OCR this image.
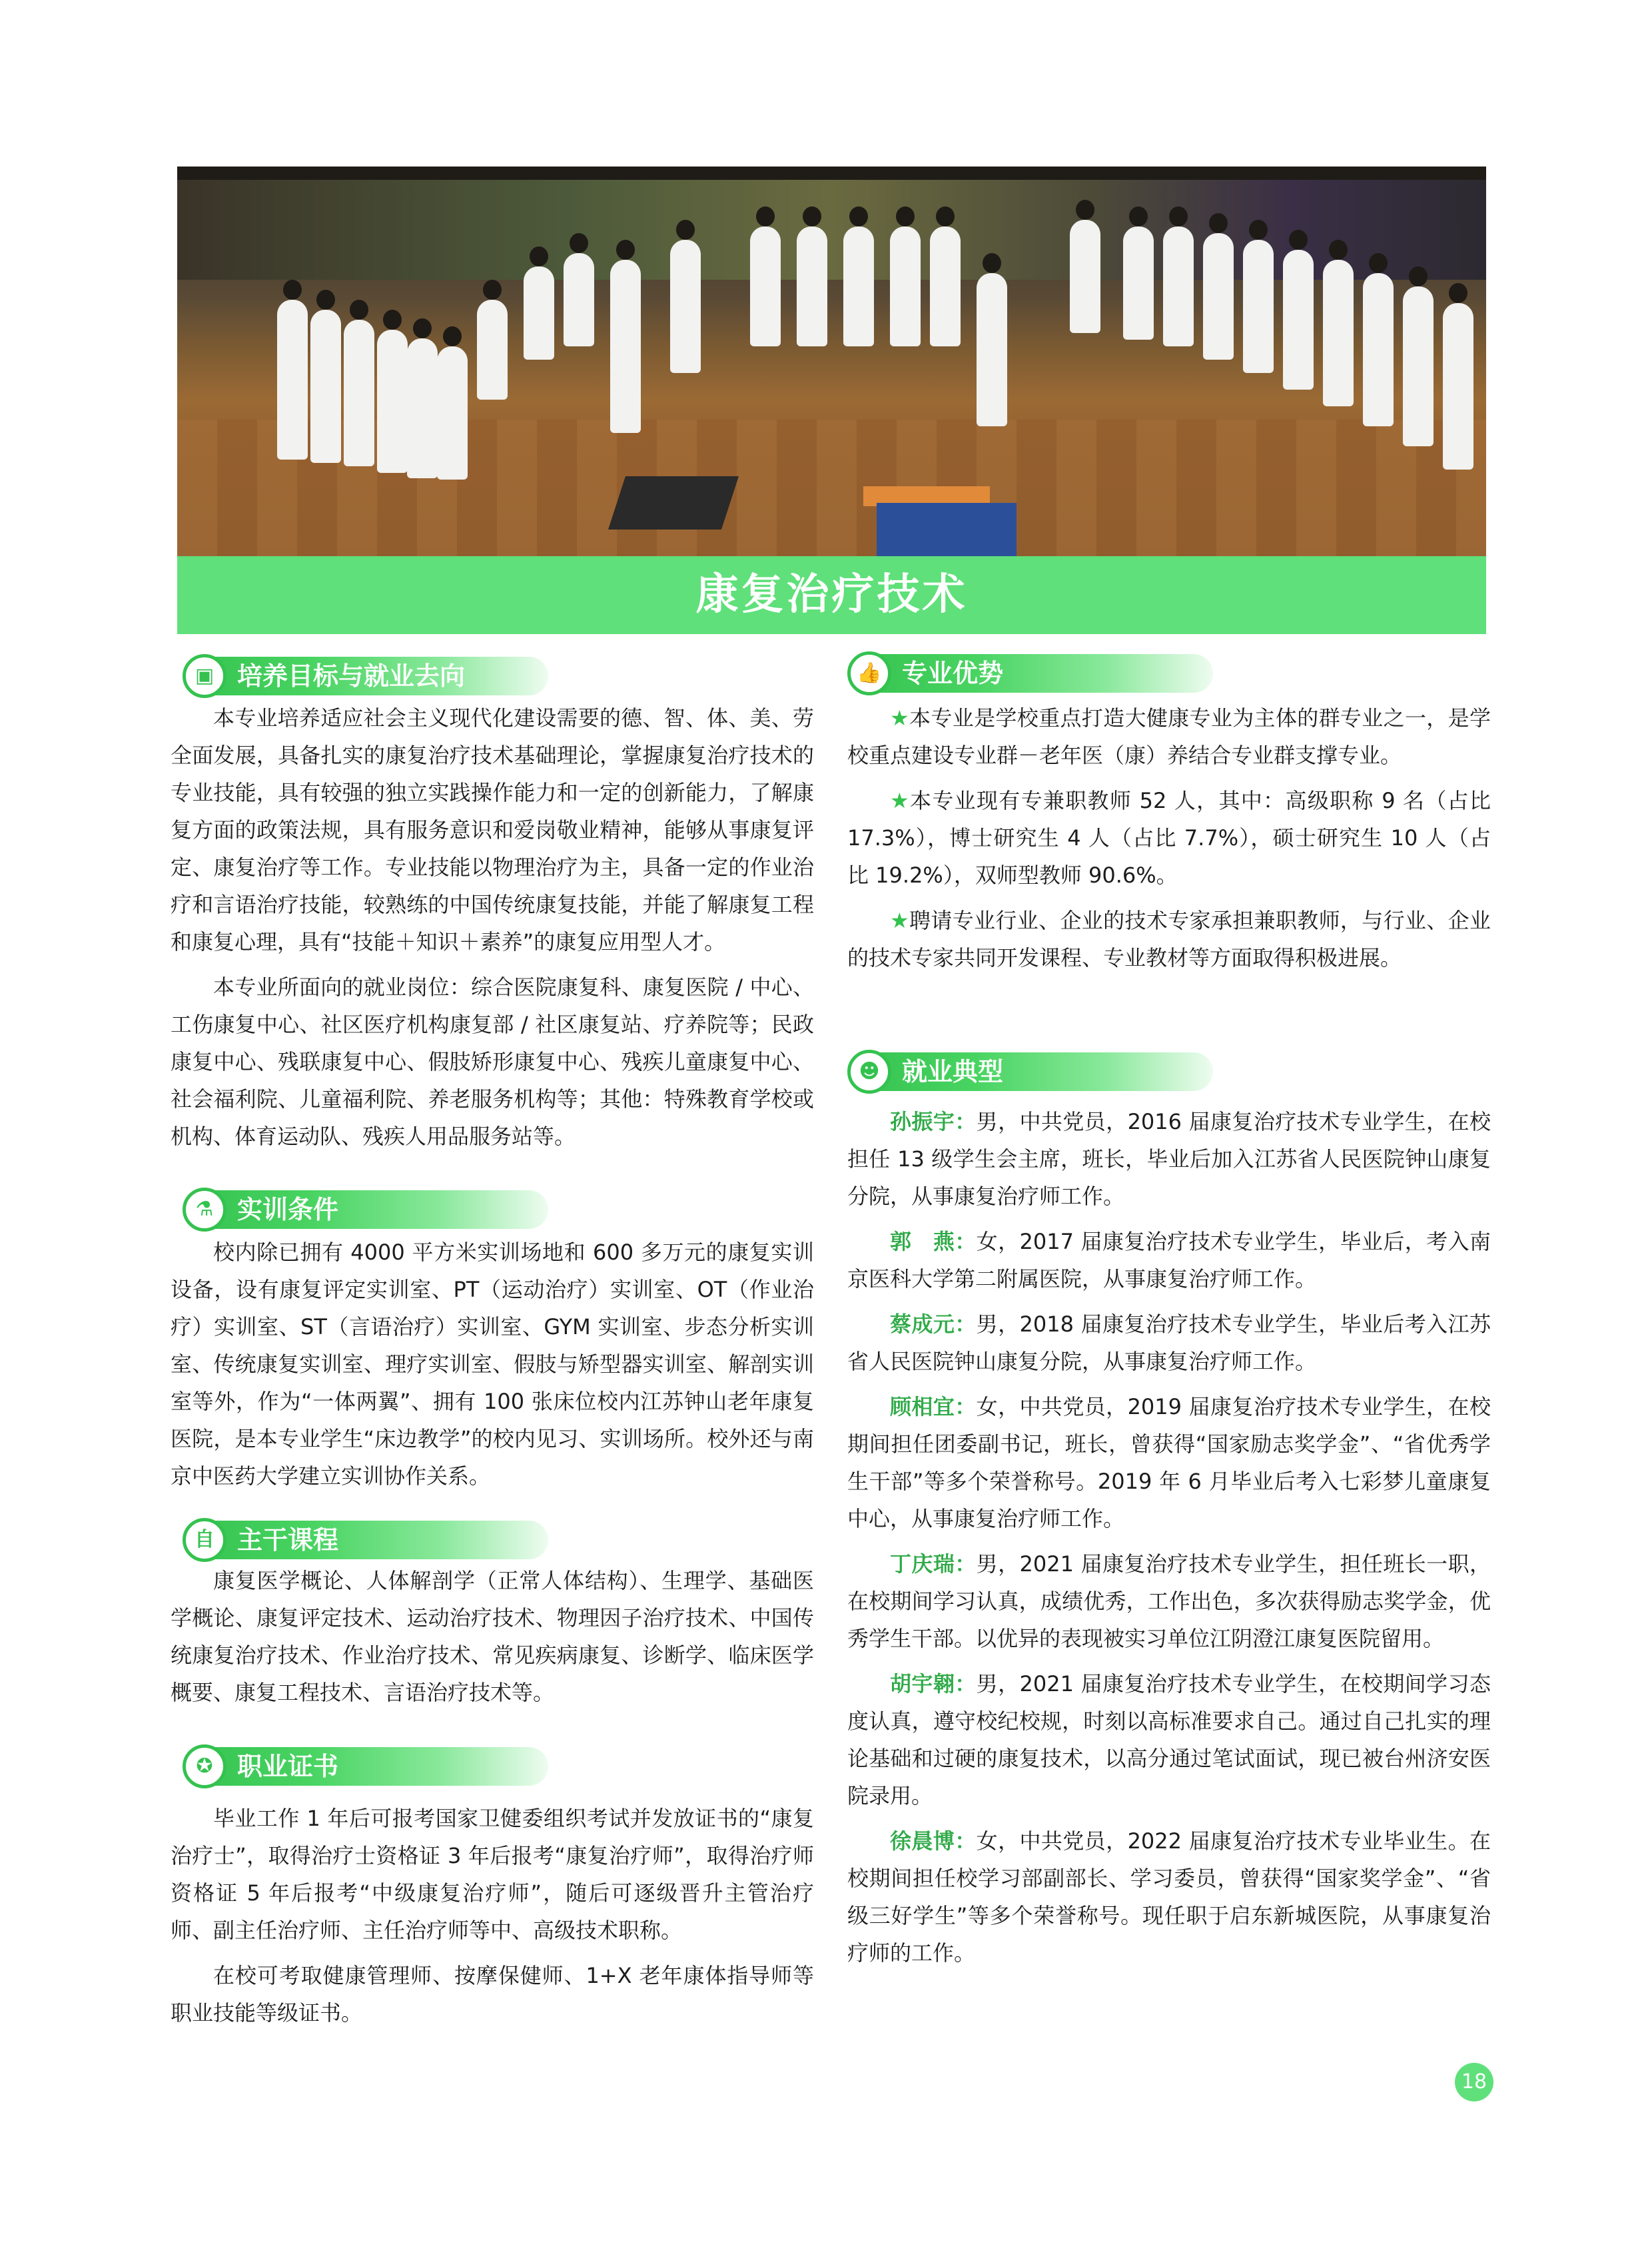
康复治疗技术
▣ 培养目标与就业去向

本专业培养适应社会主义现代化建设需要的德、智、体、美、劳全面发展，具备扎实的康复治疗技术基础理论，掌握康复治疗技术的专业技能，具有较强的独立实践操作能力和一定的创新能力，了解康复方面的政策法规，具有服务意识和爱岗敬业精神，能够从事康复评定、康复治疗等工作。专业技能以物理治疗为主，具备一定的作业治疗和言语治疗技能，较熟练的中国传统康复技能，并能了解康复工程和康复心理，具有“技能＋知识＋素养”的康复应用型人才。

本专业所面向的就业岗位：综合医院康复科、康复医院 / 中心、工伤康复中心、社区医疗机构康复部 / 社区康复站、疗养院等；民政康复中心、残联康复中心、假肢矫形康复中心、残疾儿童康复中心、社会福利院、儿童福利院、养老服务机构等；其他：特殊教育学校或机构、体育运动队、残疾人用品服务站等。

⚗ 实训条件

校内除已拥有 4000 平方米实训场地和 600 多万元的康复实训设备，设有康复评定实训室、PT（运动治疗）实训室、OT（作业治疗）实训室、ST（言语治疗）实训室、GYM 实训室、步态分析实训室、传统康复实训室、理疗实训室、假肢与矫型器实训室、解剖实训室等外，作为“一体两翼”、拥有 100 张床位校内江苏钟山老年康复医院，是本专业学生“床边教学”的校内见习、实训场所。校外还与南京中医药大学建立实训协作关系。

自 主干课程

康复医学概论、人体解剖学（正常人体结构）、生理学、基础医学概论、康复评定技术、运动治疗技术、物理因子治疗技术、中国传统康复治疗技术、作业治疗技术、常见疾病康复、诊断学、临床医学概要、康复工程技术、言语治疗技术等。

✪ 职业证书

毕业工作 1 年后可报考国家卫健委组织考试并发放证书的“康复治疗士”，取得治疗士资格证 3 年后报考“康复治疗师”，取得治疗师资格证 5 年后报考“中级康复治疗师”，随后可逐级晋升主管治疗师、副主任治疗师、主任治疗师等中、高级技术职称。

在校可考取健康管理师、按摩保健师、1+X 老年康体指导师等职业技能等级证书。

👍 专业优势

★本专业是学校重点打造大健康专业为主体的群专业之一，是学校重点建设专业群－老年医（康）养结合专业群支撑专业。

★本专业现有专兼职教师 52 人，其中：高级职称 9 名（占比 17.3%），博士研究生 4 人（占比 7.7%），硕士研究生 10 人（占比 19.2%），双师型教师 90.6%。

★聘请专业行业、企业的技术专家承担兼职教师，与行业、企业的技术专家共同开发课程、专业教材等方面取得积极进展。

☻ 就业典型

孙振宇：男，中共党员，2016 届康复治疗技术专业学生，在校担任 13 级学生会主席，班长，毕业后加入江苏省人民医院钟山康复分院，从事康复治疗师工作。

郭　燕：女，2017 届康复治疗技术专业学生，毕业后，考入南京医科大学第二附属医院，从事康复治疗师工作。

蔡成元：男，2018 届康复治疗技术专业学生，毕业后考入江苏省人民医院钟山康复分院，从事康复治疗师工作。

顾相宜：女，中共党员，2019 届康复治疗技术专业学生，在校期间担任团委副书记，班长，曾获得“国家励志奖学金”、“省优秀学生干部”等多个荣誉称号。2019 年 6 月毕业后考入七彩梦儿童康复中心，从事康复治疗师工作。

丁庆瑞：男，2021 届康复治疗技术专业学生，担任班长一职，在校期间学习认真，成绩优秀，工作出色，多次获得励志奖学金，优秀学生干部。以优异的表现被实习单位江阴澄江康复医院留用。

胡宇翱：男，2021 届康复治疗技术专业学生，在校期间学习态度认真，遵守校纪校规，时刻以高标准要求自己。通过自己扎实的理论基础和过硬的康复技术，以高分通过笔试面试，现已被台州济安医院录用。

徐晨博：女，中共党员，2022 届康复治疗技术专业毕业生。在校期间担任校学习部副部长、学习委员，曾获得“国家奖学金”、“省级三好学生”等多个荣誉称号。现任职于启东新城医院，从事康复治疗师的工作。

18
